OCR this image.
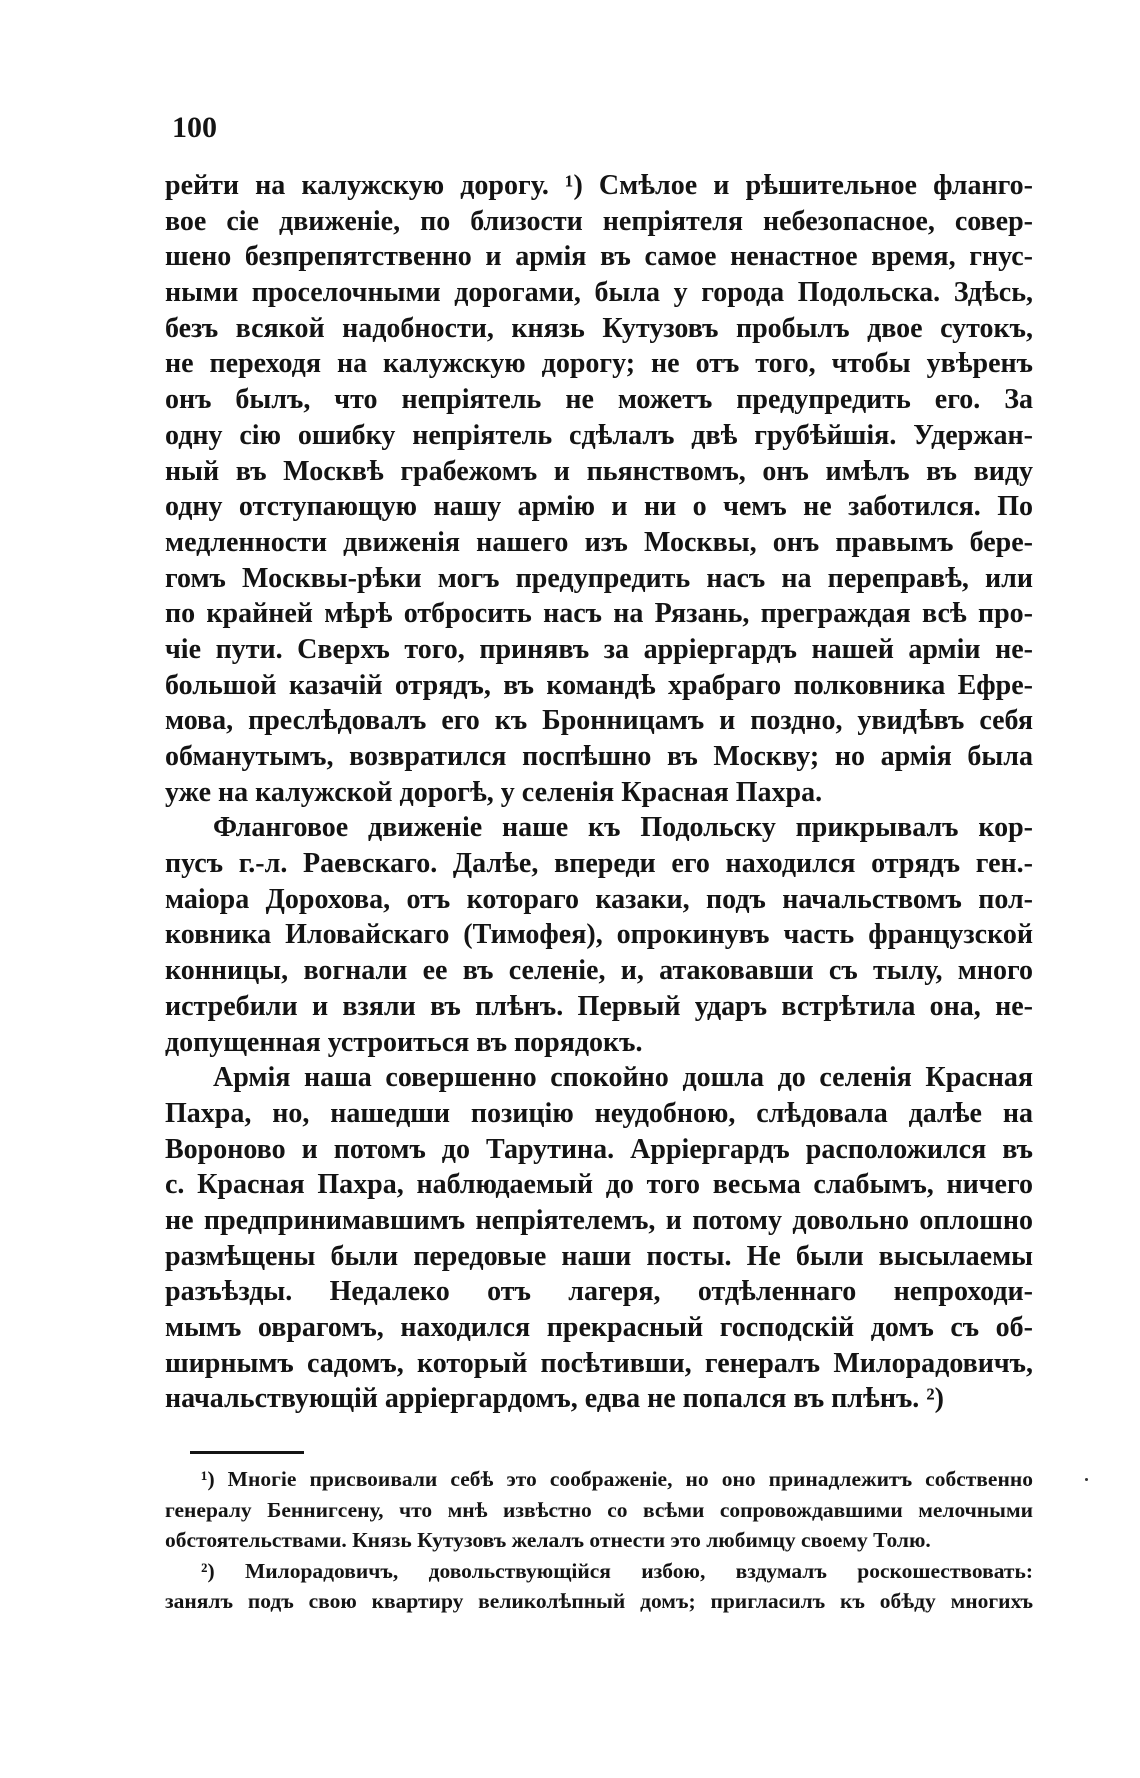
100
рейти на калужскую дорогу. ¹) Смѣлое и рѣшительное фланго-
вое сіе движеніе, по близости непріятеля небезопасное, совер-
шено безпрепятственно и армія въ самое ненастное время, гнус-
ными проселочными дорогами, была у города Подольска. Здѣсь,
безъ всякой надобности, князь Кутузовъ пробылъ двое сутокъ,
не переходя на калужскую дорогу; не отъ того, чтобы увѣренъ
онъ былъ, что непріятель не можетъ предупредить его. За
одну сію ошибку непріятель сдѣлалъ двѣ грубѣйшія. Удержан-
ный въ Москвѣ грабежомъ и пьянствомъ, онъ имѣлъ въ виду
одну отступающую нашу армію и ни о чемъ не заботился. По
медленности движенія нашего изъ Москвы, онъ правымъ бере-
гомъ Москвы-рѣки могъ предупредить насъ на переправѣ, или
по крайней мѣрѣ отбросить насъ на Рязань, преграждая всѣ про-
чіе пути. Сверхъ того, принявъ за арріергардъ нашей арміи не-
большой казачій отрядъ, въ командѣ храбраго полковника Ефре-
мова, преслѣдовалъ его къ Бронницамъ и поздно, увидѣвъ себя
обманутымъ, возвратился поспѣшно въ Москву; но армія была
уже на калужской дорогѣ, у селенія Красная Пахра.
Фланговое движеніе наше къ Подольску прикрывалъ кор-
пусъ г.-л. Раевскаго. Далѣе, впереди его находился отрядъ ген.-
маіора Дорохова, отъ котораго казаки, подъ начальствомъ пол-
ковника Иловайскаго (Тимофея), опрокинувъ часть французской
конницы, вогнали ее въ селеніе, и, атаковавши съ тылу, много
истребили и взяли въ плѣнъ. Первый ударъ встрѣтила она, не-
допущенная устроиться въ порядокъ.
Армія наша совершенно спокойно дошла до селенія Красная
Пахра, но, нашедши позицію неудобною, слѣдовала далѣе на
Вороново и потомъ до Тарутина. Арріергардъ расположился въ
с. Красная Пахра, наблюдаемый до того весьма слабымъ, ничего
не предпринимавшимъ непріятелемъ, и потому довольно оплошно
размѣщены были передовые наши посты. Не были высылаемы
разъѣзды. Недалеко отъ лагеря, отдѣленнаго непроходи-
мымъ оврагомъ, находился прекрасный господскій домъ съ об-
ширнымъ садомъ, который посѣтивши, генералъ Милорадовичъ,
начальствующій арріергардомъ, едва не попался въ плѣнъ. ²)
¹) Многіе присвоивали себѣ это соображеніе, но оно принадлежитъ собственно
генералу Беннигсену, что мнѣ извѣстно со всѣми сопровождавшими мелочными
обстоятельствами. Князь Кутузовъ желалъ отнести это любимцу своему Толю.
²) Милорадовичъ, довольствующійся избою, вздумалъ роскошествовать:
занялъ подъ свою квартиру великолѣпный домъ; пригласилъ къ обѣду многихъ
